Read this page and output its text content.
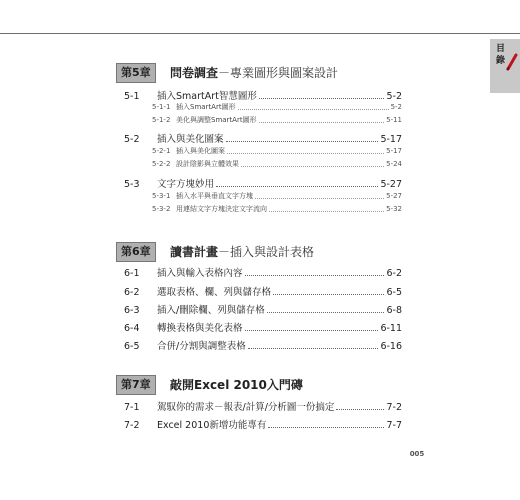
目錄
第5章	問卷調查－專業圖形與圖案設計
5-1	插入SmartArt智慧圖形	5-2
5-1-1 插入SmartArt圖形	5-2
5-1-2 美化與調整SmartArt圖形	5-11
5-2	插入與美化圖案	5-17
5-2-1 插入與美化圖案	5-17
5-2-2 設計陰影與立體效果	5-24
5-3	文字方塊妙用	5-27
5-3-1 插入水平與垂直文字方塊	5-27
5-3-2 用連結文字方塊決定文字流向	5-32
第6章	讀書計畫－插入與設計表格
6-1	插入與輸入表格內容	6-2
6-2	選取表格、欄、列與儲存格	6-5
6-3	插入/刪除欄、列與儲存格	6-8
6-4	轉換表格與美化表格	6-11
6-5	合併/分割與調整表格	6-16
第7章	敲開Excel 2010入門磚
7-1	駕馭你的需求－報表/計算/分析圖一份搞定	7-2
7-2	Excel 2010新增功能專有	7-7
005
